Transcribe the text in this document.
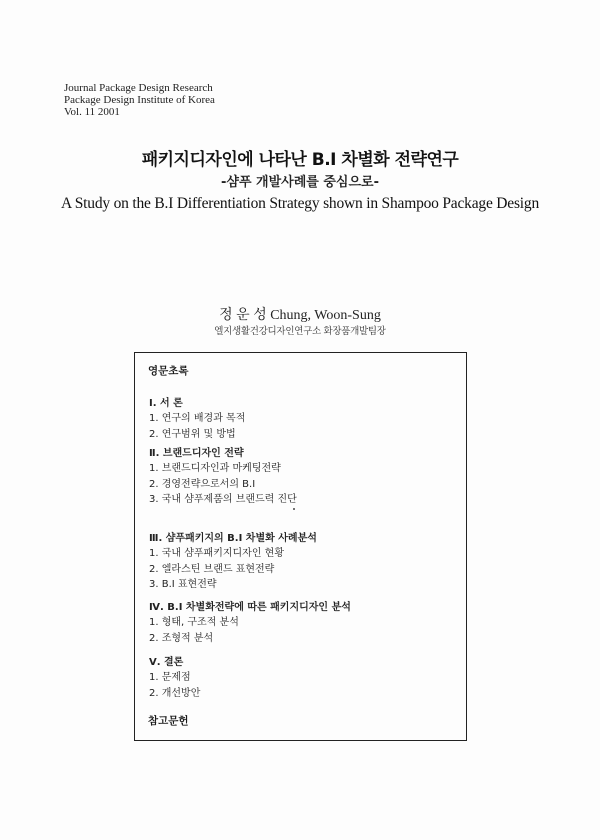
Journal Package Design Research
Package Design Institute of Korea
Vol. 11 2001
패키지디자인에 나타난 B.I 차별화 전략연구
-샴푸 개발사례를 중심으로-
A Study on the B.I Differentiation Strategy shown in Shampoo Package Design
정 운 성 Chung, Woon-Sung
엘지생활건강디자인연구소 화장품개발팀장
영문초록
Ⅰ. 서 론
1. 연구의 배경과 목적
2. 연구범위 및 방법
Ⅱ. 브랜드디자인 전략
1. 브랜드디자인과 마케팅전략
2. 경영전략으로서의 B.I
3. 국내 샴푸제품의 브랜드력 진단
Ⅲ. 샴푸패키지의 B.I 차별화 사례분석
1. 국내 샴푸패키지디자인 현황
2. 엘라스틴 브랜드 표현전략
3. B.I 표현전략
Ⅳ. B.I 차별화전략에 따른 패키지디자인 분석
1. 형태, 구조적 분석
2. 조형적 분석
Ⅴ. 결론
1. 문제점
2. 개선방안
참고문헌
